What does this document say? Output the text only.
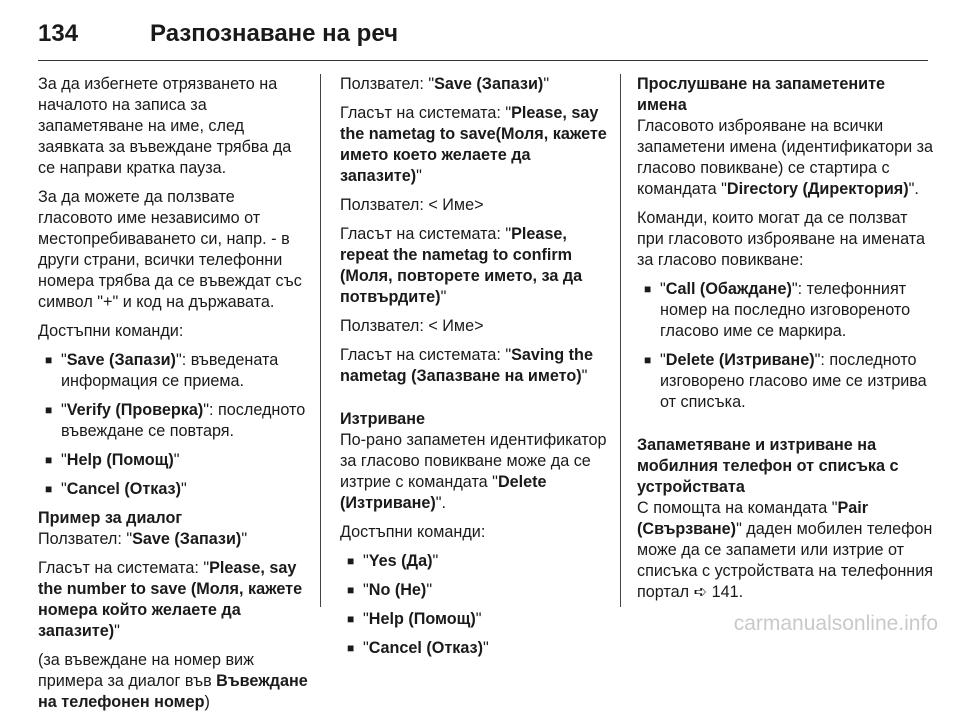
134	Разпознаване на реч

За да избегнете отрязването на началото на записа за запаметяване на име, след заявката за въвеждане трябва да се направи кратка пауза.

За да можете да ползвате гласовото име независимо от местопребиваването си, напр. - в други страни, всички телефонни номера трябва да се въвеждат със символ "+" и код на държавата.

Достъпни команди:

■ "Save (Запази)": въведената информация се приема.
■ "Verify (Проверка)": последното въвеждане се повтаря.
■ "Help (Помощ)"
■ "Cancel (Отказ)"

Пример за диалог

Ползвател: "Save (Запази)"

Гласът на системата: "Please, say the number to save (Моля, кажете номера който желаете да запазите)"

(за въвеждане на номер виж примера за диалог във Въвеждане на телефонен номер)

Ползвател: "Save (Запази)"

Гласът на системата: "Please, say the nametag to save(Моля, кажете името което желаете да запазите)"

Ползвател: < Име>

Гласът на системата: "Please, repeat the nametag to confirm (Моля, повторете името, за да потвърдите)"

Ползвател: < Име>

Гласът на системата: "Saving the nametag (Запазване на името)"

Изтриване

По-рано запаметен идентификатор за гласово повикване може да се изтрие с командата "Delete (Изтриване)".

Достъпни команди:

■ "Yes (Да)"
■ "No (Не)"
■ "Help (Помощ)"
■ "Cancel (Отказ)"

Прослушване на запаметените имена

Гласовото изброяване на всички запаметени имена (идентификатори за гласово повикване) се стартира с командата "Directory (Директория)".

Команди, които могат да се ползват при гласовото изброяване на имената за гласово повикване:

■ "Call (Обаждане)": телефонният номер на последно изговореното гласово име се маркира.
■ "Delete (Изтриване)": последното изговорено гласово име се изтрива от списъка.

Запаметяване и изтриване на мобилния телефон от списъка с устройствата

С помощта на командата "Pair (Свързване)" даден мобилен телефон може да се запамети или изтрие от списъка с устройствата на телефонния портал ➪ 141.

carmanualsonline.info
